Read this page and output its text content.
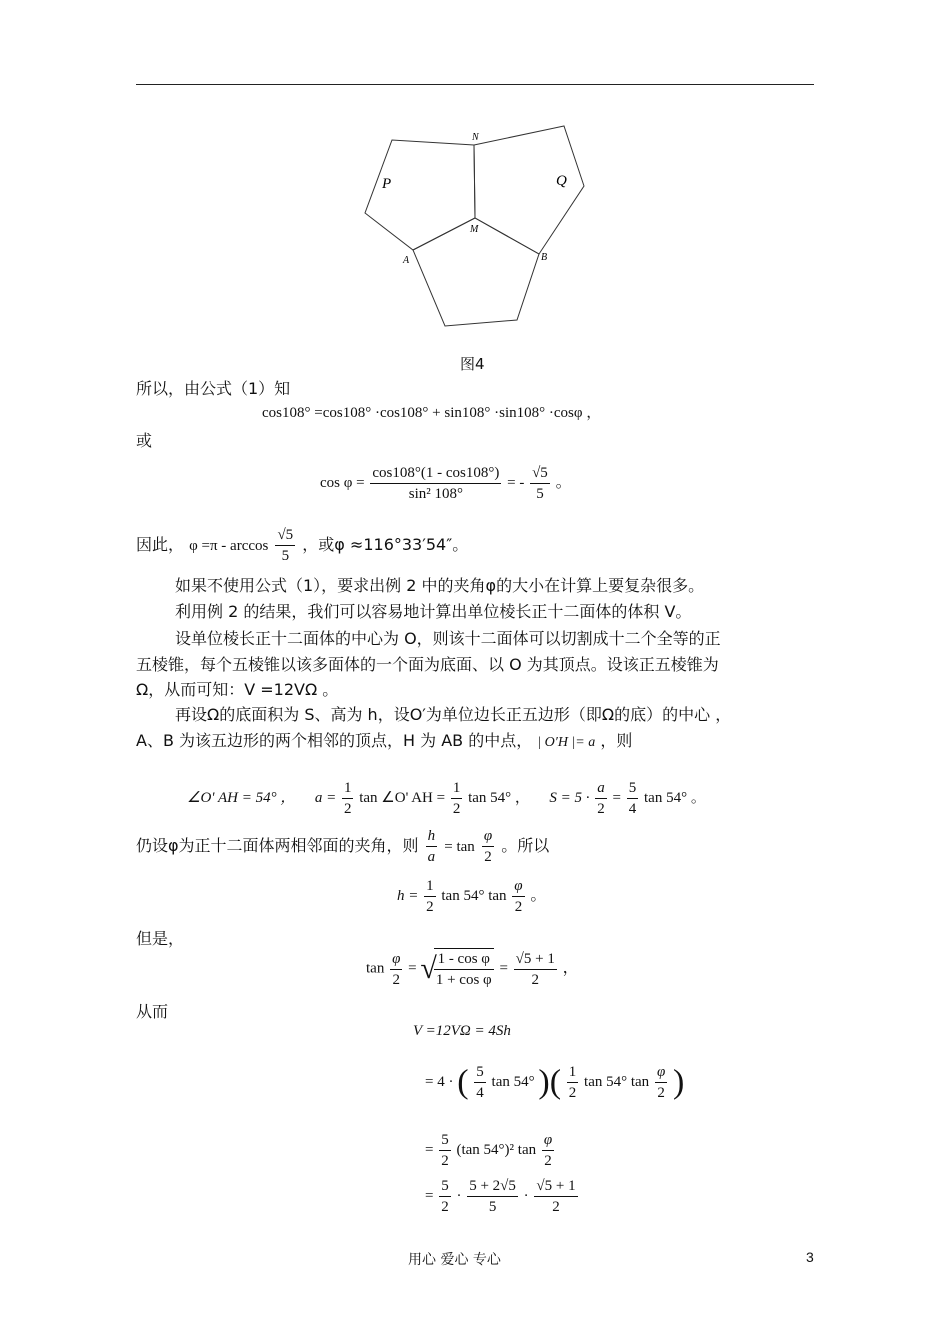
N
M
A	B
P	Q
图4
所以，由公式（1）知
cos108° =cos108° ·cos108° + sin108° ·sin108° ·cosφ ，
或
$\cos \varphi = \frac{\cos 108^\circ(1 - \cos 108^\circ)}{\text{sin² 108°}}$ = - $\frac{√5}{5}$ 。
因此， $\varphi =\pi - \arccos \frac{√5}{5}$ ，或φ ≈116°33′54″。
如果不使用公式（1），要求出例 2 中的夹角φ的大小在计算上要复杂很多。
利用例 2 的结果，我们可以容易地计算出单位棱长正十二面体的体积 V。
设单位棱长正十二面体的中心为 O，则该十二面体可以切割成十二个全等的正
五棱锥，每个五棱锥以该多面体的一个面为底面、以 O 为其顶点。设该正五棱锥为
Ω，从而可知：V =12VΩ 。
再设Ω的底面积为 S、高为 h，设O′为单位边长正五边形（即Ω的底）的中心 ，
A、B 为该五边形的两个相邻的顶点，H 为 AB 的中点， | O′H |= a ，则
∠O' AH = 54° ， $a = \frac{1}{2}$ tan ∠O' AH = $\frac{1}{2}$ tan 54° ， $S = 5 \cdot \frac{a}{2} = \frac{5}{4}$ tan 54° 。
仍设φ为正十二面体两相邻面的夹角，则 $\frac{h}{a} = \tan \frac{\varphi}{2}$ 。所以
$h = \frac{1}{2}$ tan 54° $\tan \frac{\varphi}{2}$ 。
但是，
$\tan \frac{\varphi}{2}$ = √
$\frac{\text{1 - cos φ}}{\text{1 + cos φ}} = \frac{√5 + 1}{2}$ ，
从而
V =12VΩ = 4Sh
= 4 · ( $\frac{5}{4}$ tan 54° )( $\frac{1}{2}$ tan 54° $\tan \frac{\varphi}{2}$ )
= $\frac{5}{2} (\tan$ 54°)² $\tan \frac{\varphi}{2}$
= $\frac{5}{2} \cdot \frac{5 + 2√5}{5} \cdot \frac{√5 + 1}{2}$
用心 爱心 专心	3
